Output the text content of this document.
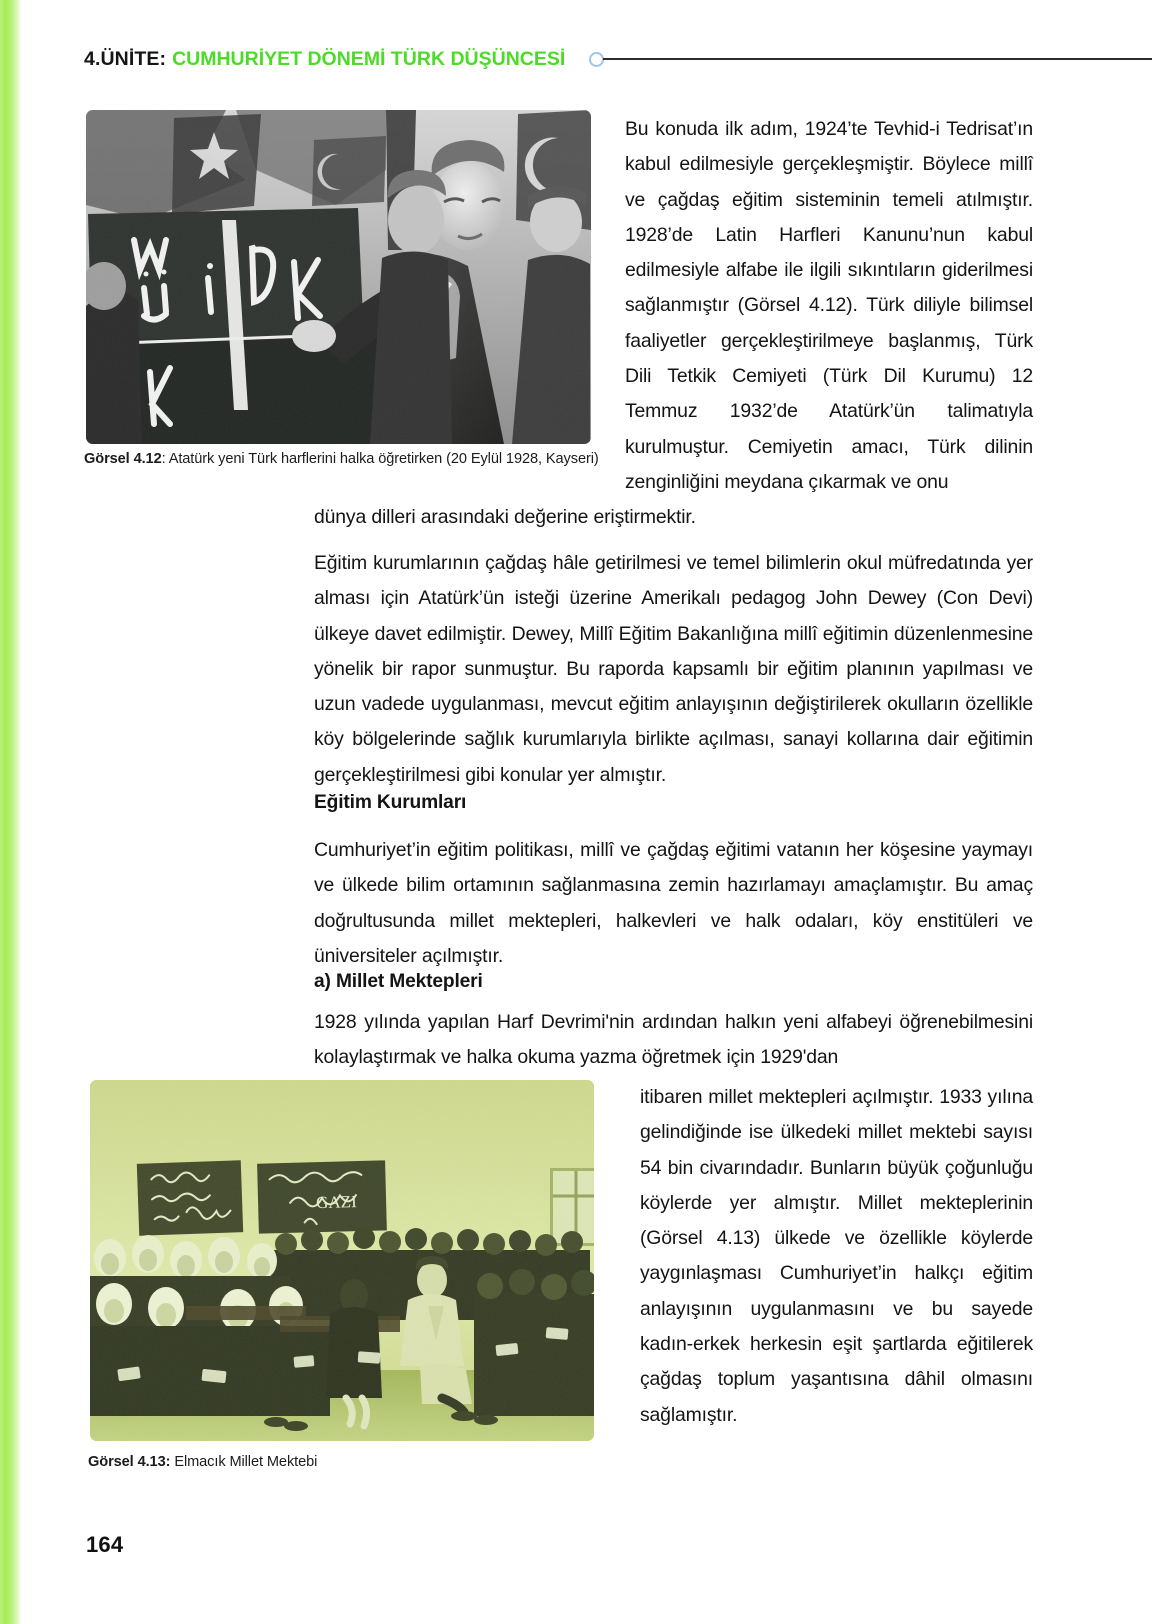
4.ÜNİTE: CUMHURİYET DÖNEMİ TÜRK DÜŞÜNCESİ
Görsel 4.12: Atatürk yeni Türk harflerini halka öğretirken (20 Eylül 1928, Kayseri)
Bu konuda ilk adım, 1924’te Tevhid-i Tedrisat’ın kabul edilmesiyle gerçekleşmiştir. Böylece millî ve çağdaş eğitim sisteminin temeli atılmıştır. 1928’de Latin Harfleri Kanunu’nun kabul edilmesiyle alfabe ile ilgili sıkıntıların giderilmesi sağlanmıştır (Görsel 4.12). Türk diliyle bilimsel faaliyetler gerçekleştirilmeye başlanmış, Türk Dili Tetkik Cemiyeti (Türk Dil Kurumu) 12 Temmuz 1932’de Atatürk’ün talimatıyla kurulmuştur. Cemiyetin amacı, Türk dilinin zenginliğini meydana çıkarmak ve onu
dünya dilleri arasındaki değerine eriştirmektir.
Eğitim kurumlarının çağdaş hâle getirilmesi ve temel bilimlerin okul müfredatında yer alması için Atatürk’ün isteği üzerine Amerikalı pedagog John Dewey (Con Devi) ülkeye davet edilmiştir. Dewey, Millî Eğitim Bakanlığına millî eğitimin düzenlenmesine yönelik bir rapor sunmuştur. Bu raporda kapsamlı bir eğitim planının yapılması ve uzun vadede uygulanması, mevcut eğitim anlayışının değiştirilerek okulların özellikle köy bölgelerinde sağlık kurumlarıyla birlikte açılması, sanayi kollarına dair eğitimin gerçekleştirilmesi gibi konular yer almıştır.
Eğitim Kurumları
Cumhuriyet’in eğitim politikası, millî ve çağdaş eğitimi vatanın her köşesine yaymayı ve ülkede bilim ortamının sağlanmasına zemin hazırlamayı amaçlamıştır. Bu amaç doğrultusunda millet mektepleri, halkevleri ve halk odaları, köy enstitüleri ve üniversiteler açılmıştır.
a) Millet Mektepleri
1928 yılında yapılan Harf Devrimi'nin ardından halkın yeni alfabeyi öğrenebilmesini kolaylaştırmak ve halka okuma yazma öğretmek için 1929'dan
Görsel 4.13: Elmacık Millet Mektebi
itibaren millet mektepleri açılmıştır. 1933 yılına gelindiğinde ise ülkedeki millet mektebi sayısı 54 bin civarındadır. Bunların büyük çoğunluğu köylerde yer almıştır. Millet mekteplerinin (Görsel 4.13) ülkede ve özellikle köylerde yaygınlaşması Cumhuriyet’in halkçı eğitim anlayışının uygulanmasını ve bu sayede kadın-erkek herkesin eşit şartlarda eğitilerek çağdaş toplum yaşantısına dâhil olmasını sağlamıştır.
164
